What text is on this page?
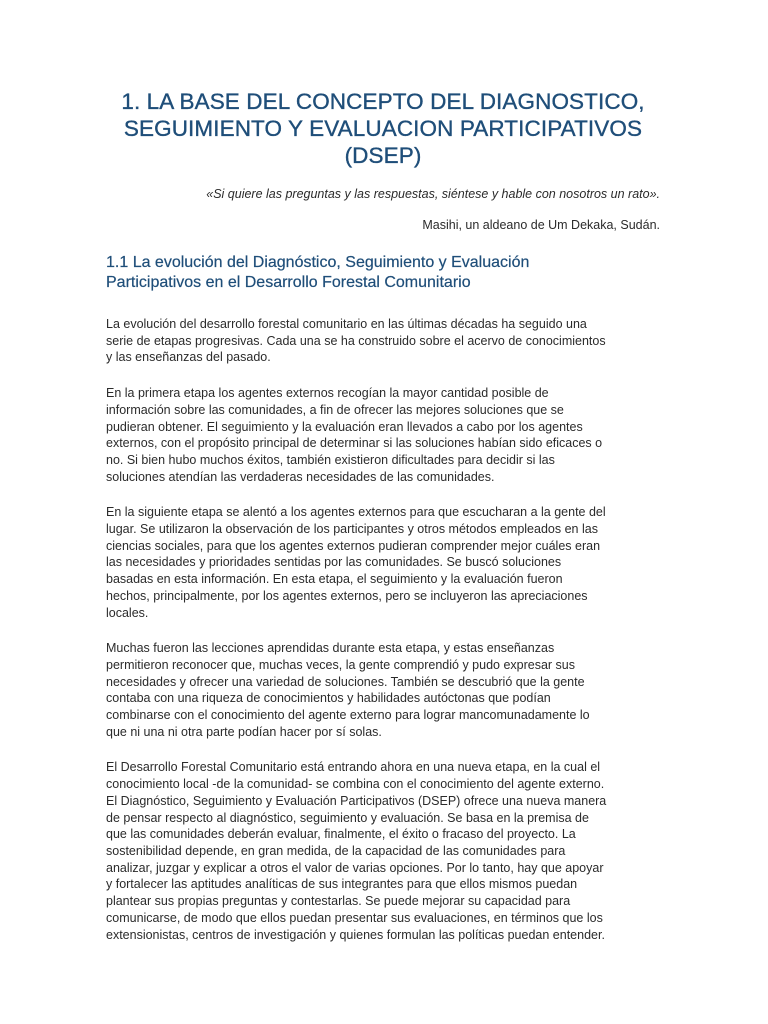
1. LA BASE DEL CONCEPTO DEL DIAGNOSTICO,
SEGUIMIENTO Y EVALUACION PARTICIPATIVOS
(DSEP)

«Si quiere las preguntas y las respuestas, siéntese y hable con nosotros un rato».

Masihi, un aldeano de Um Dekaka, Sudán.

1.1 La evolución del Diagnóstico, Seguimiento y Evaluación
Participativos en el Desarrollo Forestal Comunitario
La evolución del desarrollo forestal comunitario en las últimas décadas ha seguido una
serie de etapas progresivas. Cada una se ha construido sobre el acervo de conocimientos
y las enseñanzas del pasado.
En la primera etapa los agentes externos recogían la mayor cantidad posible de
información sobre las comunidades, a fin de ofrecer las mejores soluciones que se
pudieran obtener. El seguimiento y la evaluación eran llevados a cabo por los agentes
externos, con el propósito principal de determinar si las soluciones habían sido eficaces o
no. Si bien hubo muchos éxitos, también existieron dificultades para decidir si las
soluciones atendían las verdaderas necesidades de las comunidades.
En la siguiente etapa se alentó a los agentes externos para que escucharan a la gente del
lugar. Se utilizaron la observación de los participantes y otros métodos empleados en las
ciencias sociales, para que los agentes externos pudieran comprender mejor cuáles eran
las necesidades y prioridades sentidas por las comunidades. Se buscó soluciones
basadas en esta información. En esta etapa, el seguimiento y la evaluación fueron
hechos, principalmente, por los agentes externos, pero se incluyeron las apreciaciones
locales.
Muchas fueron las lecciones aprendidas durante esta etapa, y estas enseñanzas
permitieron reconocer que, muchas veces, la gente comprendió y pudo expresar sus
necesidades y ofrecer una variedad de soluciones. También se descubrió que la gente
contaba con una riqueza de conocimientos y habilidades autóctonas que podían
combinarse con el conocimiento del agente externo para lograr mancomunadamente lo
que ni una ni otra parte podían hacer por sí solas.
El Desarrollo Forestal Comunitario está entrando ahora en una nueva etapa, en la cual el
conocimiento local -de la comunidad- se combina con el conocimiento del agente externo.
El Diagnóstico, Seguimiento y Evaluación Participativos (DSEP) ofrece una nueva manera
de pensar respecto al diagnóstico, seguimiento y evaluación. Se basa en la premisa de
que las comunidades deberán evaluar, finalmente, el éxito o fracaso del proyecto. La
sostenibilidad depende, en gran medida, de la capacidad de las comunidades para
analizar, juzgar y explicar a otros el valor de varias opciones. Por lo tanto, hay que apoyar
y fortalecer las aptitudes analíticas de sus integrantes para que ellos mismos puedan
plantear sus propias preguntas y contestarlas. Se puede mejorar su capacidad para
comunicarse, de modo que ellos puedan presentar sus evaluaciones, en términos que los
extensionistas, centros de investigación y quienes formulan las políticas puedan entender.
